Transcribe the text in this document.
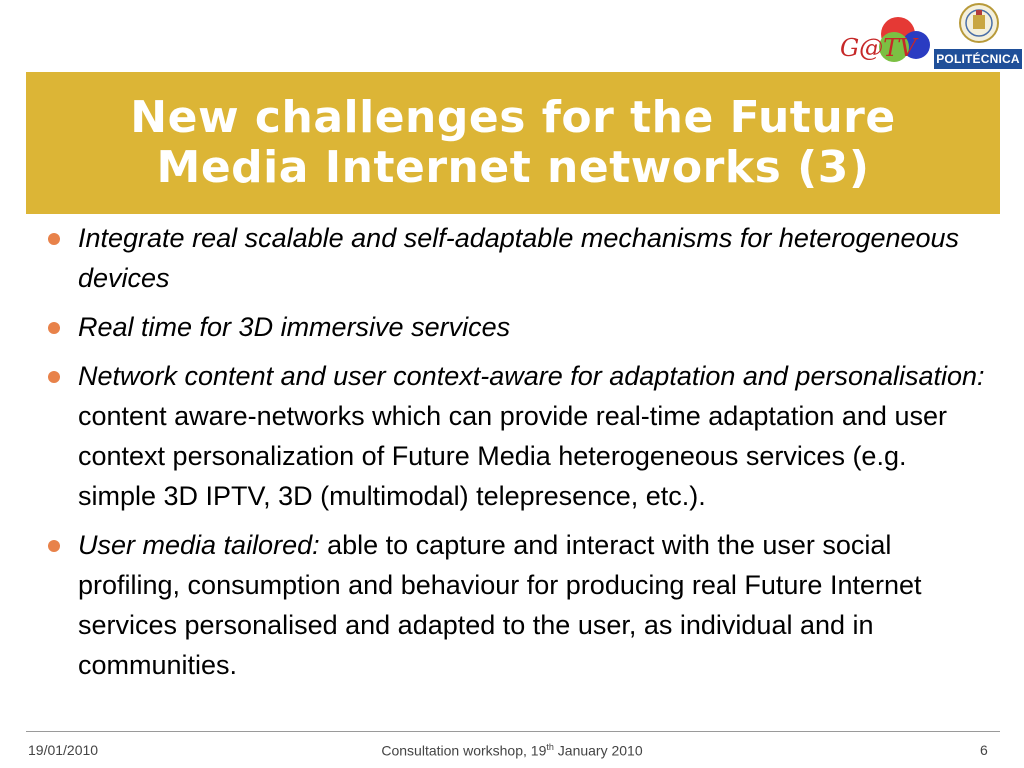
G@TV POLITÉCNICA
New challenges for the Future
Media Internet networks (3)
Integrate real scalable and self-adaptable mechanisms for heterogeneous devices
Real time for 3D immersive services
Network content and user context-aware for adaptation and personalisation: content aware-networks which can provide real-time adaptation and user context personalization of Future Media heterogeneous services (e.g. simple 3D IPTV, 3D (multimodal) telepresence, etc.).
User media tailored: able to capture and interact with the user social profiling, consumption and behaviour for producing real Future Internet services personalised and adapted to the user, as individual and in communities.
19/01/2010	Consultation workshop, 19th January 2010	6
